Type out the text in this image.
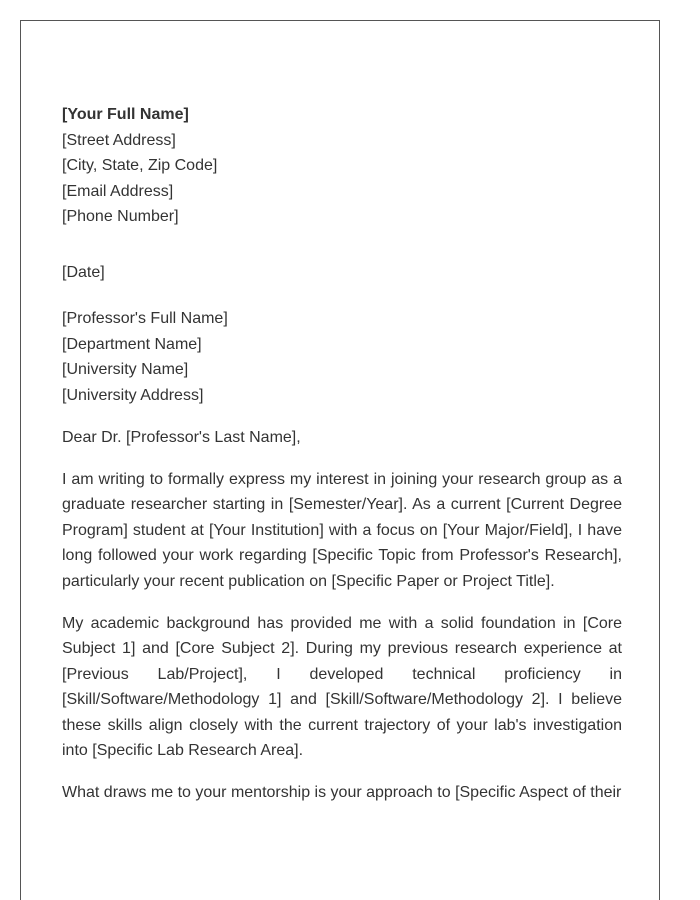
[Your Full Name]
[Street Address]
[City, State, Zip Code]
[Email Address]
[Phone Number]
[Date]
[Professor's Full Name]
[Department Name]
[University Name]
[University Address]
Dear Dr. [Professor's Last Name],
I am writing to formally express my interest in joining your research group as a graduate researcher starting in [Semester/Year]. As a current [Current Degree Program] student at [Your Institution] with a focus on [Your Major/Field], I have long followed your work regarding [Specific Topic from Professor's Research], particularly your recent publication on [Specific Paper or Project Title].
My academic background has provided me with a solid foundation in [Core Subject 1] and [Core Subject 2]. During my previous research experience at [Previous Lab/Project], I developed technical proficiency in [Skill/Software/Methodology 1] and [Skill/Software/Methodology 2]. I believe these skills align closely with the current trajectory of your lab's investigation into [Specific Lab Research Area].
What draws me to your mentorship is your approach to [Specific Aspect of their
